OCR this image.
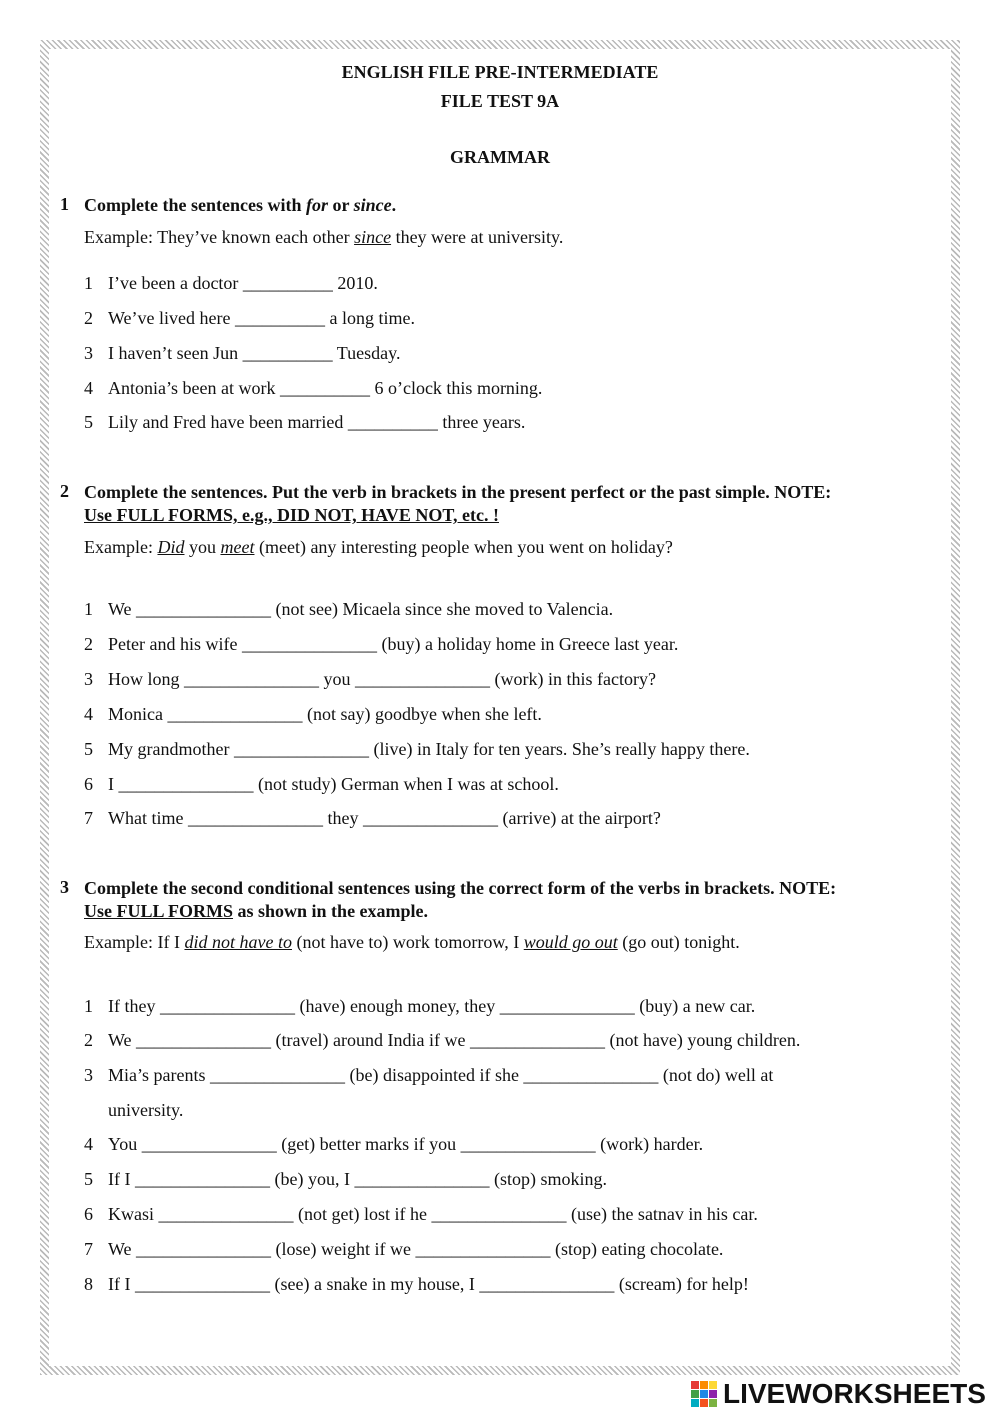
ENGLISH FILE PRE-INTERMEDIATE
FILE TEST 9A
GRAMMAR
1 Complete the sentences with for or since.
Example: They’ve known each other since they were at university.
1 I’ve been a doctor __________ 2010.
2 We’ve lived here __________ a long time.
3 I haven’t seen Jun __________ Tuesday.
4 Antonia’s been at work __________ 6 o’clock this morning.
5 Lily and Fred have been married __________ three years.
2 Complete the sentences. Put the verb in brackets in the present perfect or the past simple. NOTE:
Use FULL FORMS, e.g., DID NOT, HAVE NOT, etc. !
Example: Did you meet (meet) any interesting people when you went on holiday?
1 We _______________ (not see) Micaela since she moved to Valencia.
2 Peter and his wife _______________ (buy) a holiday home in Greece last year.
3 How long _______________ you _______________ (work) in this factory?
4 Monica _______________ (not say) goodbye when she left.
5 My grandmother _______________ (live) in Italy for ten years. She’s really happy there.
6 I _______________ (not study) German when I was at school.
7 What time _______________ they _______________ (arrive) at the airport?
3 Complete the second conditional sentences using the correct form of the verbs in brackets. NOTE:
Use FULL FORMS as shown in the example.
Example: If I did not have to (not have to) work tomorrow, I would go out (go out) tonight.
1 If they _______________ (have) enough money, they _______________ (buy) a new car.
2 We _______________ (travel) around India if we _______________ (not have) young children.
3 Mia’s parents _______________ (be) disappointed if she _______________ (not do) well at
university.
4 You _______________ (get) better marks if you _______________ (work) harder.
5 If I _______________ (be) you, I _______________ (stop) smoking.
6 Kwasi _______________ (not get) lost if he _______________ (use) the satnav in his car.
7 We _______________ (lose) weight if we _______________ (stop) eating chocolate.
8 If I _______________ (see) a snake in my house, I _______________ (scream) for help!
LIVEWORKSHEETS
